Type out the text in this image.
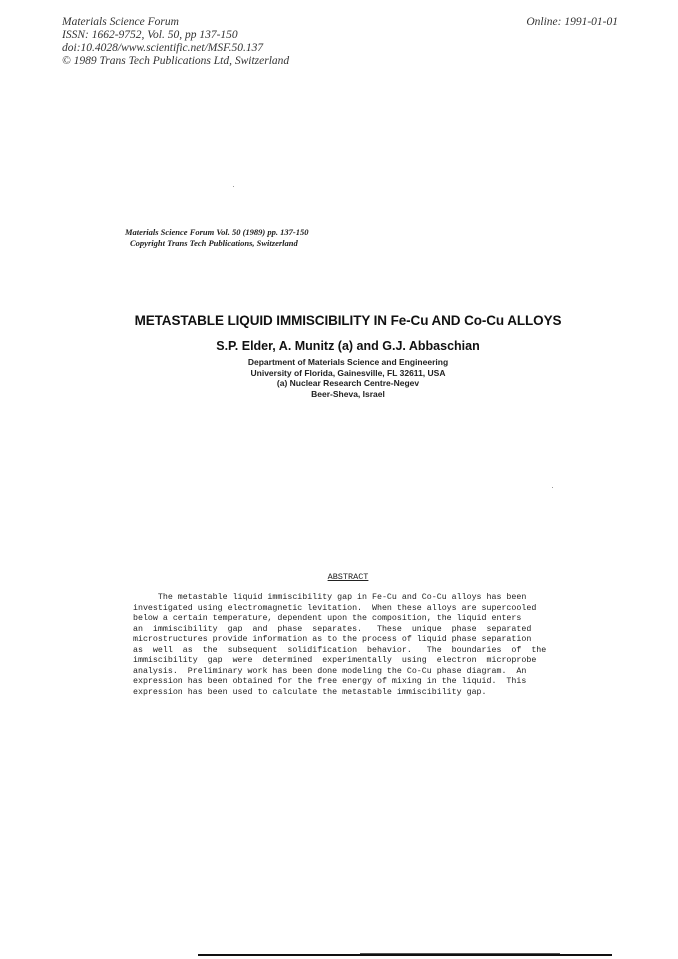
Materials Science Forum
ISSN: 1662-9752, Vol. 50, pp 137-150
doi:10.4028/www.scientific.net/MSF.50.137
© 1989 Trans Tech Publications Ltd, Switzerland
Online: 1991-01-01
Materials Science Forum Vol. 50 (1989) pp. 137-150
Copyright Trans Tech Publications, Switzerland
METASTABLE LIQUID IMMISCIBILITY IN Fe-Cu AND Co-Cu ALLOYS
S.P. Elder, A. Munitz (a) and G.J. Abbaschian
Department of Materials Science and Engineering
University of Florida, Gainesville, FL 32611, USA
(a) Nuclear Research Centre-Negev
Beer-Sheva, Israel
ABSTRACT
The metastable liquid immiscibility gap in Fe-Cu and Co-Cu alloys has been
investigated using electromagnetic levitation.  When these alloys are supercooled
below a certain temperature, dependent upon the composition, the liquid enters
an  immiscibility  gap  and  phase  separates.   These  unique  phase  separated
microstructures provide information as to the process of liquid phase separation
as  well  as  the  subsequent  solidification  behavior.   The  boundaries  of  the
immiscibility  gap  were  determined  experimentally  using  electron  microprobe
analysis.  Preliminary work has been done modeling the Co-Cu phase diagram.  An
expression has been obtained for the free energy of mixing in the liquid.  This
expression has been used to calculate the metastable immiscibility gap.
